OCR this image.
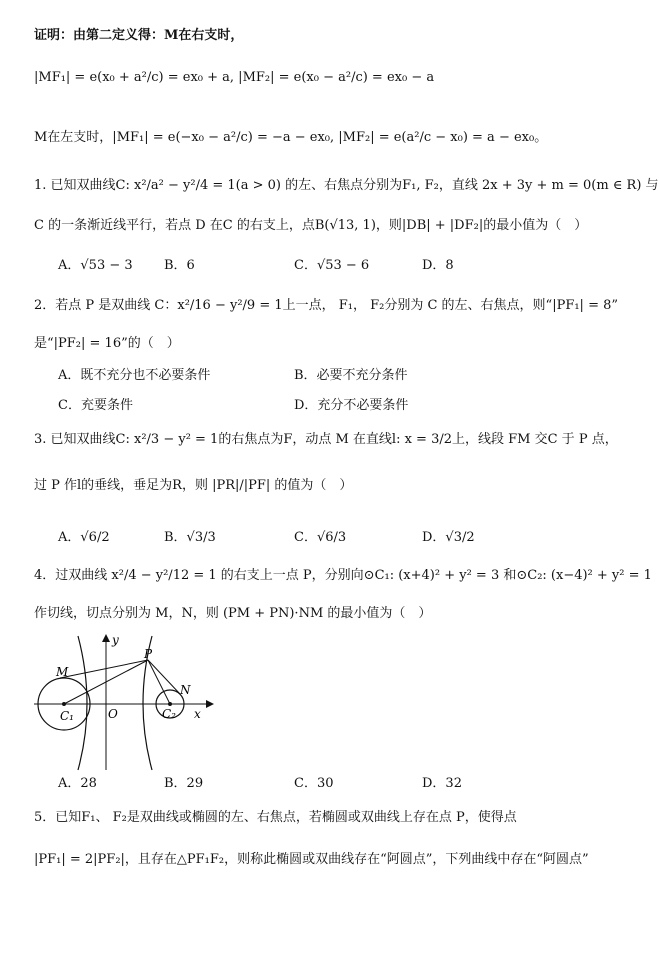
证明：由第二定义得：M在右支时，
|MF₁| = e(x₀ + a²/c) = ex₀ + a, |MF₂| = e(x₀ − a²/c) = ex₀ − a
M在左支时，|MF₁| = e(−x₀ − a²/c) = −a − ex₀, |MF₂| = e(a²/c − x₀) = a − ex₀。
1. 已知双曲线C: x²/a² − y²/4 = 1(a > 0) 的左、右焦点分别为F₁, F₂，直线 2x + 3y + m = 0(m ∈ R) 与
C 的一条渐近线平行，若点 D 在C 的右支上，点B(√13, 1)，则|DB| + |DF₂|的最小值为（　）
A．√53 − 3 B．6	C．√53 − 6	D．8
2．若点 P 是双曲线 C：x²/16 − y²/9 = 1上一点， F₁， F₂分别为 C 的左、右焦点，则“|PF₁| = 8”
是“|PF₂| = 16”的（　）
A．既不充分也不必要条件	B．必要不充分条件
C．充要条件	D．充分不必要条件
3. 已知双曲线C: x²/3 − y² = 1的右焦点为F，动点 M 在直线l: x = 3/2上，线段 FM 交C 于 P 点，
过 P 作l的垂线，垂足为R，则 |PR|/|PF| 的值为（　）
A．√6/2	B．√3/3	C．√6/3	D．√3/2
4．过双曲线 x²/4 − y²/12 = 1 的右支上一点 P，分别向⊙C₁: (x+4)² + y² = 3 和⊙C₂: (x−4)² + y² = 1
作切线，切点分别为 M，N，则 (PM + PN)·NM 的最小值为（　）
y
x
O
M
P
N
C₁	C₂
A．28	B．29	C．30	D．32
5．已知F₁、 F₂是双曲线或椭圆的左、右焦点，若椭圆或双曲线上存在点 P，使得点
|PF₁| = 2|PF₂|，且存在△PF₁F₂，则称此椭圆或双曲线存在“阿圆点”，下列曲线中存在“阿圆点”
